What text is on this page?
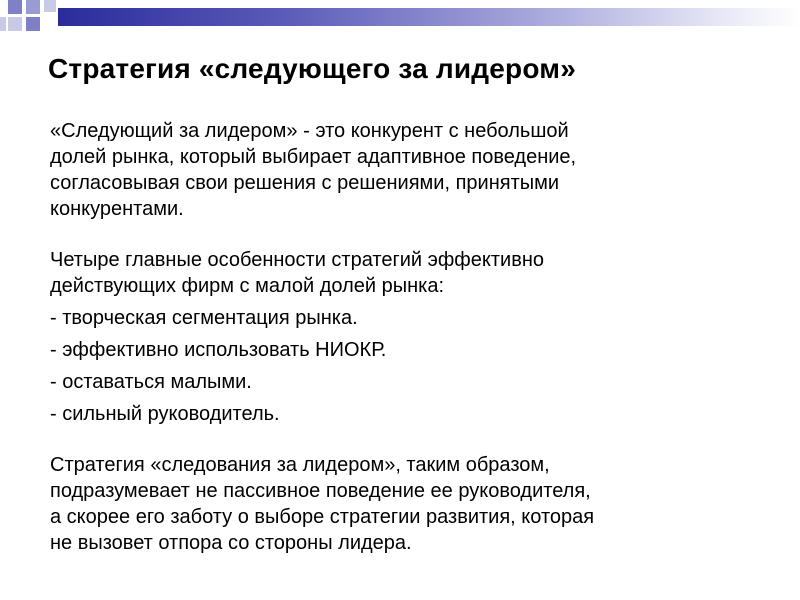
Стратегия «следующего за лидером»

«Следующий за лидером» - это конкурент с небольшой
долей рынка, который выбирает адаптивное поведение,
согласовывая свои решения с решениями, принятыми
конкурентами.

Четыре главные особенности стратегий эффективно
действующих фирм с малой долей рынка:

- творческая сегментация рынка.

- эффективно использовать НИОКР.

- оставаться малыми.

- сильный руководитель.

Стратегия «следования за лидером», таким образом,
подразумевает не пассивное поведение ее руководителя,
а скорее его заботу о выборе стратегии развития, которая
не вызовет отпора со стороны лидера.
